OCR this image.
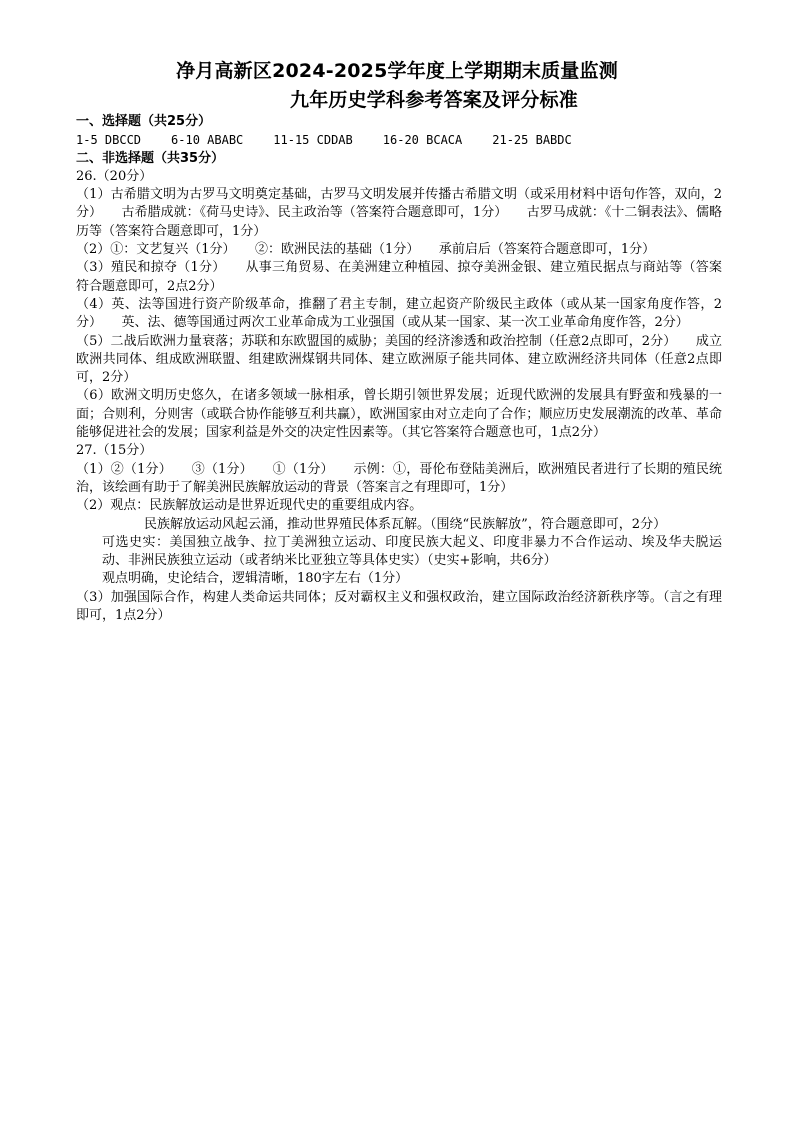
净月高新区2024-2025学年度上学期期末质量监测
九年历史学科参考答案及评分标准

一、选择题（共25分）

1-5 DBCCD	6-10 ABABC	11-15 CDDAB	16-20 BCACA	21-25 BABDC

二、非选择题（共35分）

26.（20分）

（1）古希腊文明为古罗马文明奠定基础，古罗马文明发展并传播古希腊文明（或采用材料中语句作答，双向，2分）　　古希腊成就：《荷马史诗》、民主政治等（答案符合题意即可，1分）　　古罗马成就：《十二铜表法》、儒略历等（答案符合题意即可，1分）

（2）①：文艺复兴（1分）　　②：欧洲民法的基础（1分）　　承前启后（答案符合题意即可，1分）

（3）殖民和掠夺（1分）　　从事三角贸易、在美洲建立种植园、掠夺美洲金银、建立殖民据点与商站等（答案符合题意即可，2点2分）

（4）英、法等国进行资产阶级革命，推翻了君主专制，建立起资产阶级民主政体（或从某一国家角度作答，2分）　　英、法、德等国通过两次工业革命成为工业强国（或从某一国家、某一次工业革命角度作答，2分）

（5）二战后欧洲力量衰落；苏联和东欧盟国的威胁；美国的经济渗透和政治控制（任意2点即可，2分）　　成立欧洲共同体、组成欧洲联盟、组建欧洲煤钢共同体、建立欧洲原子能共同体、建立欧洲经济共同体（任意2点即可，2分）

（6）欧洲文明历史悠久，在诸多领域一脉相承，曾长期引领世界发展；近现代欧洲的发展具有野蛮和残暴的一面；合则利，分则害（或联合协作能够互利共赢），欧洲国家由对立走向了合作；顺应历史发展潮流的改革、革命能够促进社会的发展；国家利益是外交的决定性因素等。（其它答案符合题意也可，1点2分）

27.（15分）

（1）②（1分）　　③（1分）　　①（1分）　　示例：①，哥伦布登陆美洲后，欧洲殖民者进行了长期的殖民统治，该绘画有助于了解美洲民族解放运动的背景（答案言之有理即可，1分）

（2）观点：民族解放运动是世界近现代史的重要组成内容。

民族解放运动风起云涌，推动世界殖民体系瓦解。（围绕“民族解放”，符合题意即可，2分）

可选史实：美国独立战争、拉丁美洲独立运动、印度民族大起义、印度非暴力不合作运动、埃及华夫脱运动、非洲民族独立运动（或者纳米比亚独立等具体史实）（史实+影响，共6分）

观点明确，史论结合，逻辑清晰，180字左右（1分）

（3）加强国际合作，构建人类命运共同体；反对霸权主义和强权政治，建立国际政治经济新秩序等。（言之有理即可，1点2分）
